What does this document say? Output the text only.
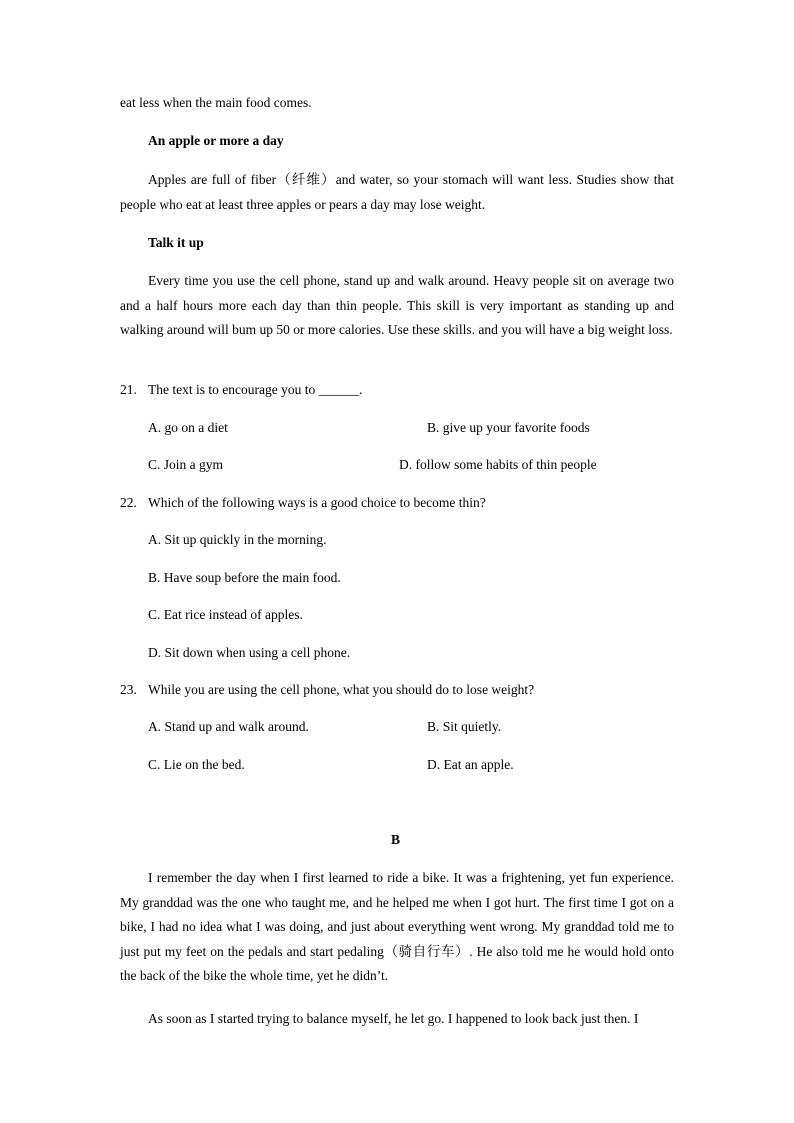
eat less when the main food comes.
An apple or more a day
Apples are full of fiber（纤维）and water, so your stomach will want less. Studies show that people who eat at least three apples or pears a day may lose weight.
Talk it up
Every time you use the cell phone, stand up and walk around. Heavy people sit on average two and a half hours more each day than thin people. This skill is very important as standing up and walking around will bum up 50 or more calories. Use these skills. and you will have a big weight loss.
21. The text is to encourage you to ______.
A. go on a diet	B. give up your favorite foods
C. Join a gym	D. follow some habits of thin people
22. Which of the following ways is a good choice to become thin?
A. Sit up quickly in the morning.
B. Have soup before the main food.
C. Eat rice instead of apples.
D. Sit down when using a cell phone.
23. While you are using the cell phone, what you should do to lose weight?
A. Stand up and walk around.	B. Sit quietly.
C. Lie on the bed.	D. Eat an apple.
B
I remember the day when I first learned to ride a bike. It was a frightening, yet fun experience. My granddad was the one who taught me, and he helped me when I got hurt. The first time I got on a bike, I had no idea what I was doing, and just about everything went wrong. My granddad told me to just put my feet on the pedals and start pedaling（骑自行车）. He also told me he would hold onto the back of the bike the whole time, yet he didn’t.
As soon as I started trying to balance myself, he let go. I happened to look back just then. I
